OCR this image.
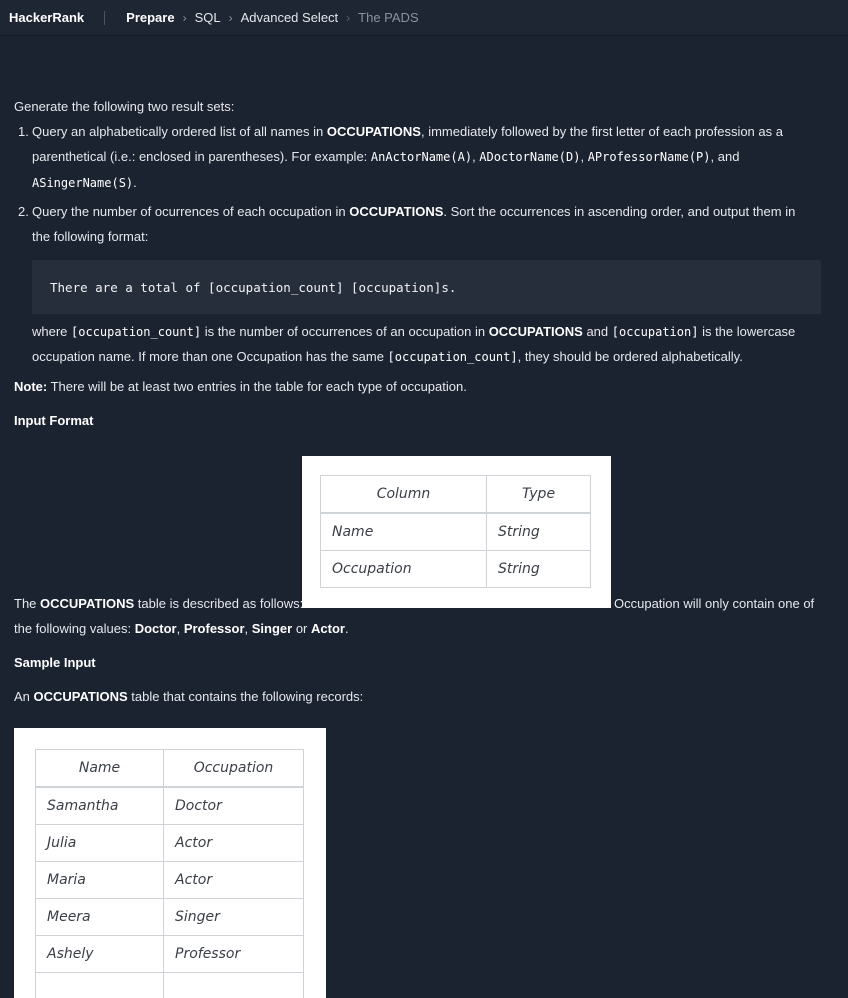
HackerRank	Prepare › SQL › Advanced Select › The PADS
Generate the following two result sets:
1. Query an alphabetically ordered list of all names in OCCUPATIONS, immediately followed by the first letter of each profession as a
parenthetical (i.e.: enclosed in parentheses). For example: AnActorName(A), ADoctorName(D), AProfessorName(P), and
ASingerName(S).
2. Query the number of ocurrences of each occupation in OCCUPATIONS. Sort the occurrences in ascending order, and output them in
the following format:
There are a total of [occupation_count] [occupation]s.
where [occupation_count] is the number of occurrences of an occupation in OCCUPATIONS and [occupation] is the lowercase
occupation name. If more than one Occupation has the same [occupation_count], they should be ordered alphabetically.
Note: There will be at least two entries in the table for each type of occupation.
Input Format
Column	Type
Name	String
Occupation	String
The OCCUPATIONS table is described as follows:	Occupation will only contain one of
the following values: Doctor, Professor, Singer or Actor.
Sample Input
An OCCUPATIONS table that contains the following records:
Name	Occupation
Samantha	Doctor
Julia	Actor
Maria	Actor
Meera	Singer
Ashely	Professor
